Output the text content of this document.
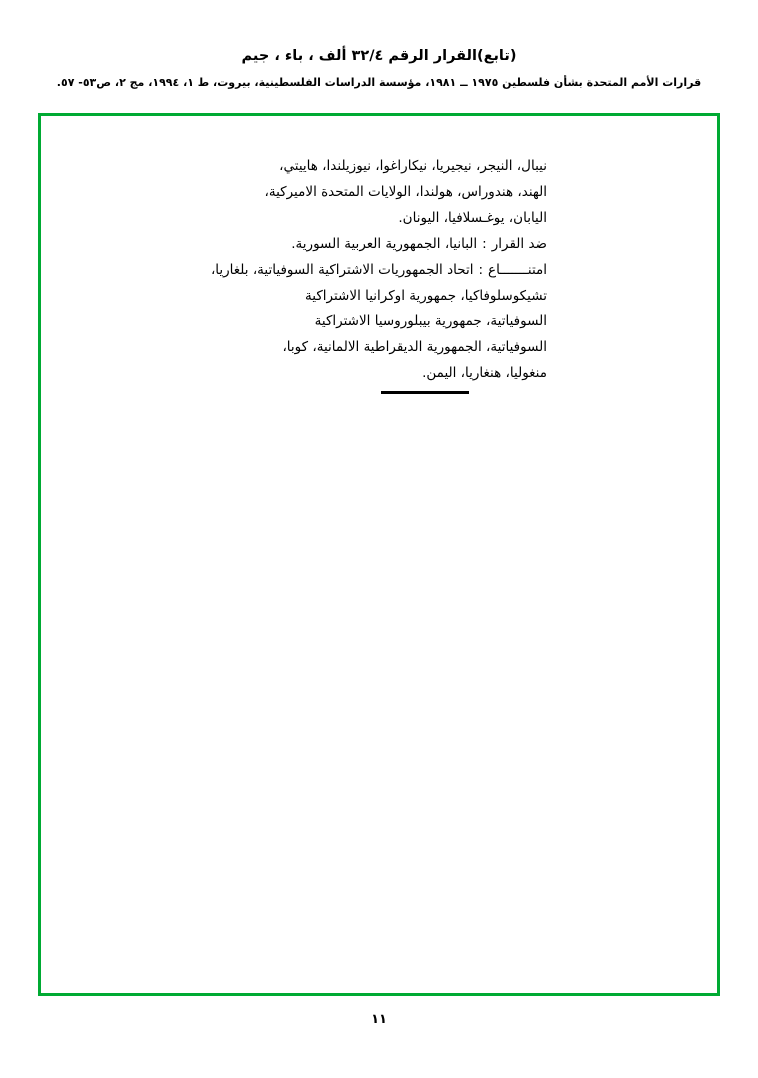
(تابع)القرار الرقم ٣٢/٤ ألف ، باء ، جيم
قرارات الأمم المتحدة بشأن فلسطين ١٩٧٥ ــ ١٩٨١، مؤسسة الدراسات الفلسطينية، بيروت، ط ١، ١٩٩٤، مج ٢، ص٥٣- ٥٧.
نيبال، النيجر، نيجيريا، نيكاراغوا، نيوزيلندا، هاييتي،
الهند، هندوراس، هولندا، الولايات المتحدة الاميركية،
اليابان، يوغـسلافيا، اليونان.
ضد القرار
:
البانيا، الجمهورية العربية السورية.
امتنـــــــاع
:
اتحاد الجمهوريات الاشتراكية السوفياتية، بلغاريا،
تشيكوسلوفاكيا، جمهورية اوكرانيا الاشتراكية
السوفياتية، جمهورية بيبلوروسيا الاشتراكية
السوفياتية، الجمهورية الديقراطية الالمانية، كوبا،
منغوليا، هنغاريا، اليمن.
١١
